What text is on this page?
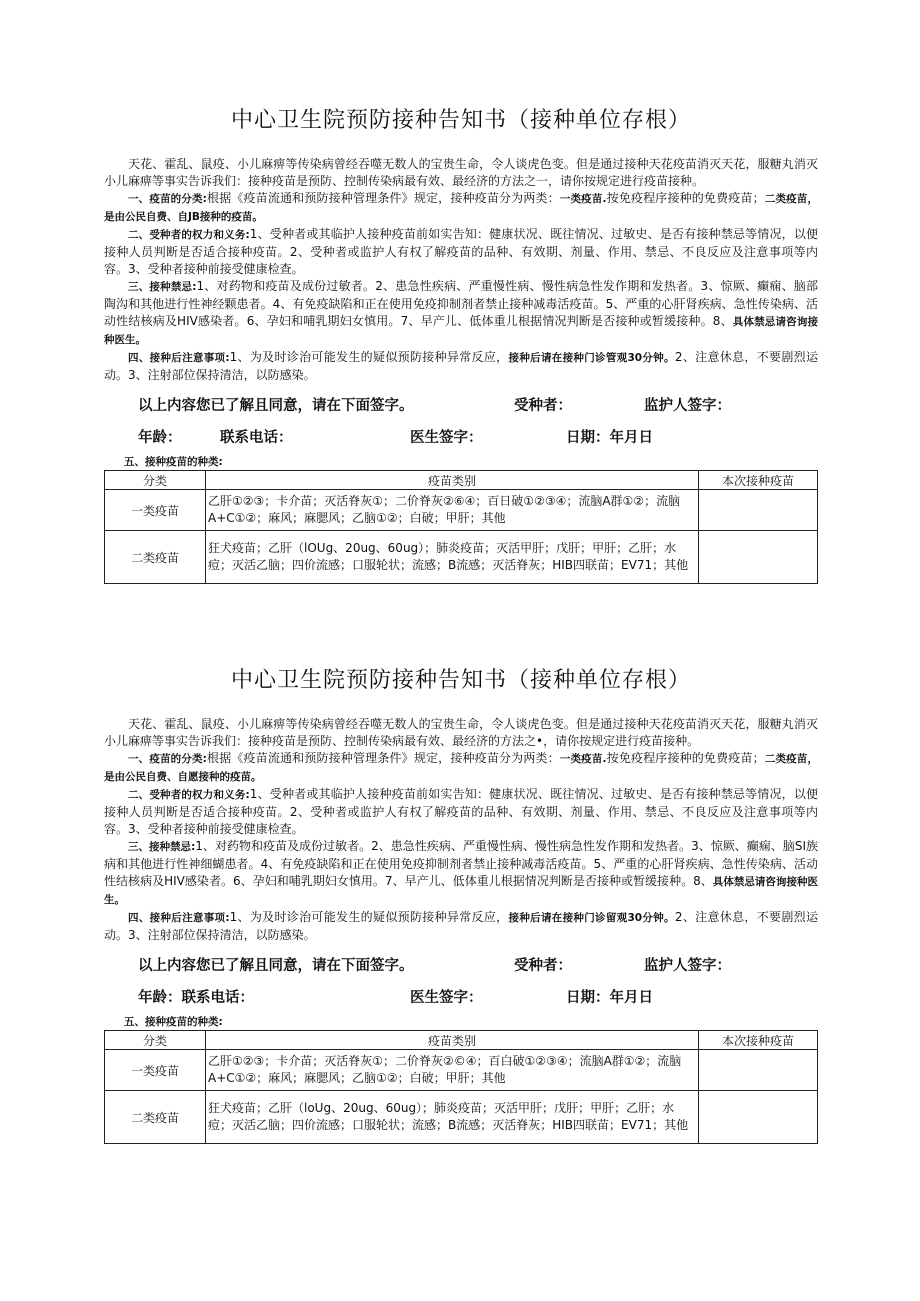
中心卫生院预防接种告知书（接种单位存根）

天花、霍乱、鼠疫、小儿麻痹等传染病曾经吞噬无数人的宝贵生命，令人谈虎色变。但是通过接种天花疫苗消灭天花，服糖丸消灭小儿麻痹等事实告诉我们：接种疫苗是预防、控制传染病最有效、最经济的方法之一，请你按规定进行疫苗接种。

一、疫苗的分类:根据《疫苗流通和预防接种管理条件》规定，接种疫苗分为两类：一类疫苗.按免疫程序接种的免费疫苗；二类疫苗，是由公民自费、自JB接种的疫苗。

二、受种者的权力和义务:1、受种者或其临护人接种疫苗前如实告知：健康状况、既往情况、过敏史、是否有接种禁忌等情况，以便接种人员判断是否适合接种疫苗。2、受种者或监护人有权了解疫苗的品种、有效期、剂量、作用、禁忌、不良反应及注意事项等内容。3、受种者接种前接受健康检查。

三、接种禁忌:1、对药物和疫苗及成份过敏者。2、患急性疾病、严重慢性病、慢性病急性发作期和发热者。3、惊厥、癫痫、脑部陶沟和其他进行性神经颗患者。4、有免疫缺陷和正在使用免疫抑制剂者禁止接种减毒活疫苗。5、严重的心肝肾疾病、急性传染病、活动性结核病及HIV感染者。6、孕妇和哺乳期妇女慎用。7、早产儿、低体重儿根据情况判断是否接种或暂缓接种。8、具体禁忌请咨询接种医生。

四、接种后注意事项:1、为及时诊治可能发生的疑似预防接种异常反应，接种后请在接种门诊管观30分钟。2、注意休息，不要剧烈运动。3、注射部位保持清洁，以防感染。

以上内容您已了解且同意，请在下面签字。	受种者：	监护人签字：
年龄：	联系电话：	医生签字：	日期：年月日
五、接种疫苗的种类:
分类	疫苗类别	本次接种疫苗
一类疫苗	乙肝①②③；卡介苗；灭活脊灰①；二价脊灰②⑥④；百日破①②③④；流脑A群①②；流脑A+C①②；麻风；麻腮风；乙脑①②；白破；甲肝；其他	
二类疫苗	狂犬疫苗；乙肝（lOUg、20ug、60ug）；肺炎疫苗；灭活甲肝；戊肝；甲肝；乙肝；水痘；灭活乙脑；四价流感；口服轮状；流感；B流感；灭活脊灰；HIB四联苗；EV71；其他	
中心卫生院预防接种告知书（接种单位存根）

天花、霍乱、鼠疫、小儿麻痹等传染病曾经吞噬无数人的宝贵生命，令人谈虎色变。但是通过接种天花疫苗消灭天花，服糖丸消灭小儿麻痹等事实告诉我们：接种疫苗是预防、控制传染病最有效、最经济的方法之•，请你按规定进行疫苗接种。

一、疫苗的分类:根据《疫苗流通和预防接种管理条件》规定，接种疫苗分为两类：一类疫苗.按免疫程序接种的免费疫苗；二类疫苗，是由公民自费、自愿接种的疫苗。

二、受种者的权力和义务:1、受种者或其临护人接种疫苗前如实告知：健康状况、既往情况、过敏史、是否有接种禁忌等情况，以便接种人员判断是否适合接种疫苗。2、受种者或监护人有权了解疫苗的品种、有效期、剂量、作用、禁忌、不良反应及注意事项等内容。3、受种者接种前接受健康检查。

三、接种禁忌:1、对药物和疫苗及成份过敏者。2、患急性疾病、严重慢性病、慢性病急性发作期和发热者。3、惊厥、癫痫、脑SI族病和其他进行性神细蝴患者。4、有免疫缺陷和正在使用免疫抑制剂者禁止接种减毒活疫苗。5、严重的心肝肾疾病、急性传染病、活动性结核病及HIV感染者。6、孕妇和哺乳期妇女慎用。7、早产儿、低体重儿根据情况判断是否接种或暂缓接种。8、具体禁忌请咨询接种医生。

四、接种后注意事项:1、为及时诊治可能发生的疑似预防接种异常反应，接种后请在接种门诊留观30分钟。2、注意休息，不要剧烈运动。3、注射部位保持清洁，以防感染。

以上内容您已了解且同意，请在下面签字。	受种者：	监护人签字：
年龄：联系电话：	医生签字：	日期：年月日
五、接种疫苗的种类:
分类	疫苗类别	本次接种疫苗
一类疫苗	乙肝①②③；卡介苗；灭活脊灰①；二价脊灰②©④；百白破①②③④；流脑A群①②；流脑A+C①②；麻风；麻腮风；乙脑①②；白破；甲肝；其他	
二类疫苗	狂犬疫苗；乙肝（loUg、20ug、60ug）；肺炎疫苗；灭活甲肝；戊肝；甲肝；乙肝；水痘；灭活乙脑；四价流感；口服轮状；流感；B流感；灭活脊灰；HIB四联苗；EV71；其他	
